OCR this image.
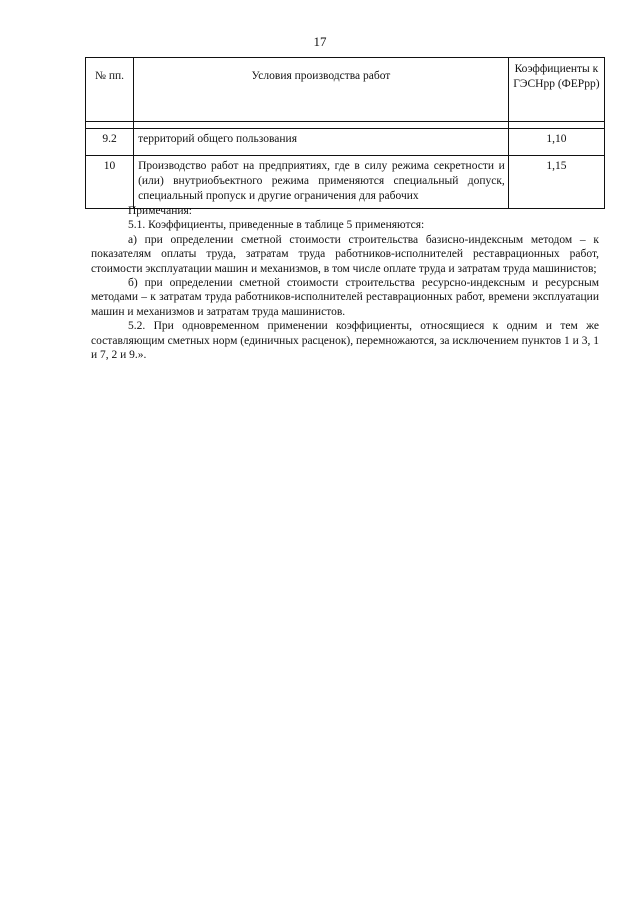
17
№ пп.	Условия производства работ	Коэффициенты к ГЭСНрр (ФЕРрр)

9.2	территорий общего пользования	1,10
10	Производство работ на предприятиях, где в силу режима секретности и (или) внутриобъектного режима применяются специальный допуск, специальный пропуск и другие ограничения для рабочих	1,15

Примечания:

5.1. Коэффициенты, приведенные в таблице 5 применяются:

а) при определении сметной стоимости строительства базисно-индексным методом – к показателям оплаты труда, затратам труда работников-исполнителей реставрационных работ, стоимости эксплуатации машин и механизмов, в том числе оплате труда и затратам труда машинистов;

б) при определении сметной стоимости строительства ресурсно-индексным и ресурсным методами – к затратам труда работников-исполнителей реставрационных работ, времени эксплуатации машин и механизмов и затратам труда машинистов.

5.2. При одновременном применении коэффициенты, относящиеся к одним и тем же составляющим сметных норм (единичных расценок), перемножаются, за исключением пунктов 1 и 3, 1 и 7, 2 и 9.».
